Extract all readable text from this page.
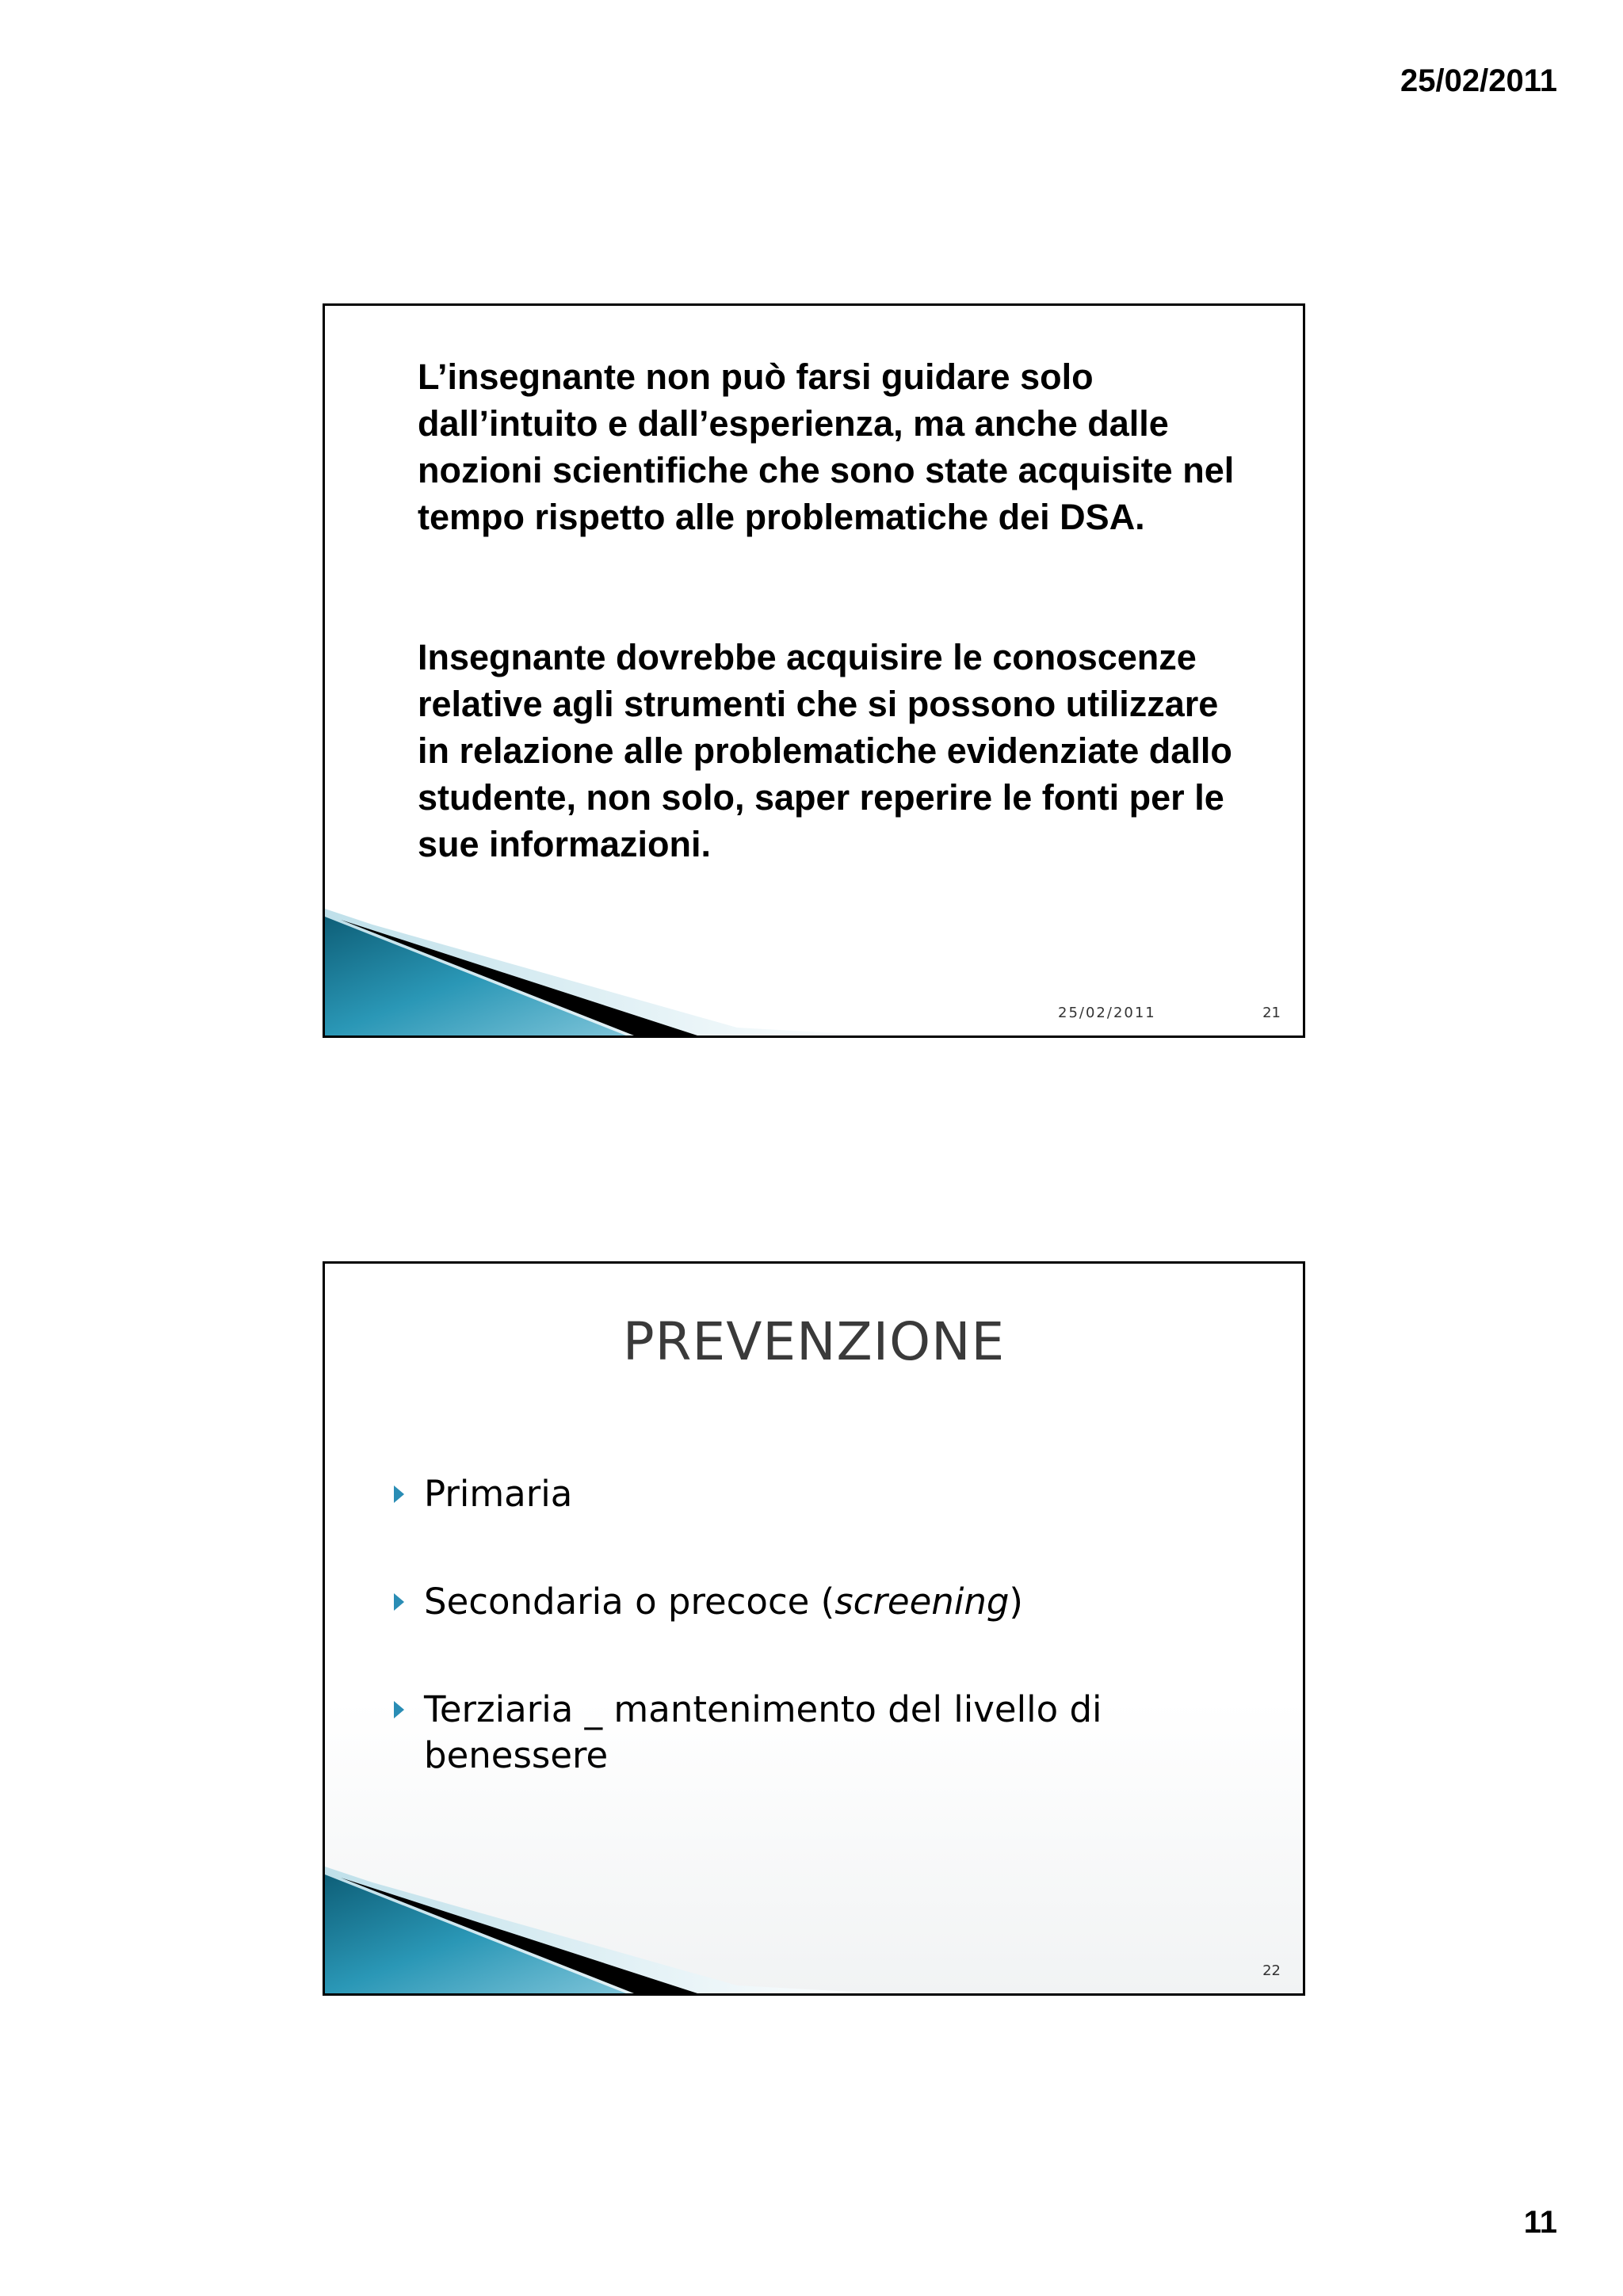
25/02/2011

L’insegnante non può farsi guidare solo dall’intuito e dall’esperienza, ma anche dalle nozioni scientifiche che sono state acquisite nel tempo rispetto alle problematiche dei DSA.

Insegnante dovrebbe acquisire le conoscenze relative agli strumenti che si possono utilizzare in relazione alle problematiche evidenziate dallo studente, non solo, saper reperire le fonti per le sue informazioni.

25/02/2011	21
PREVENZIONE
Primaria
Secondaria o precoce (screening)
Terziaria _ mantenimento del livello di benessere
22
11
